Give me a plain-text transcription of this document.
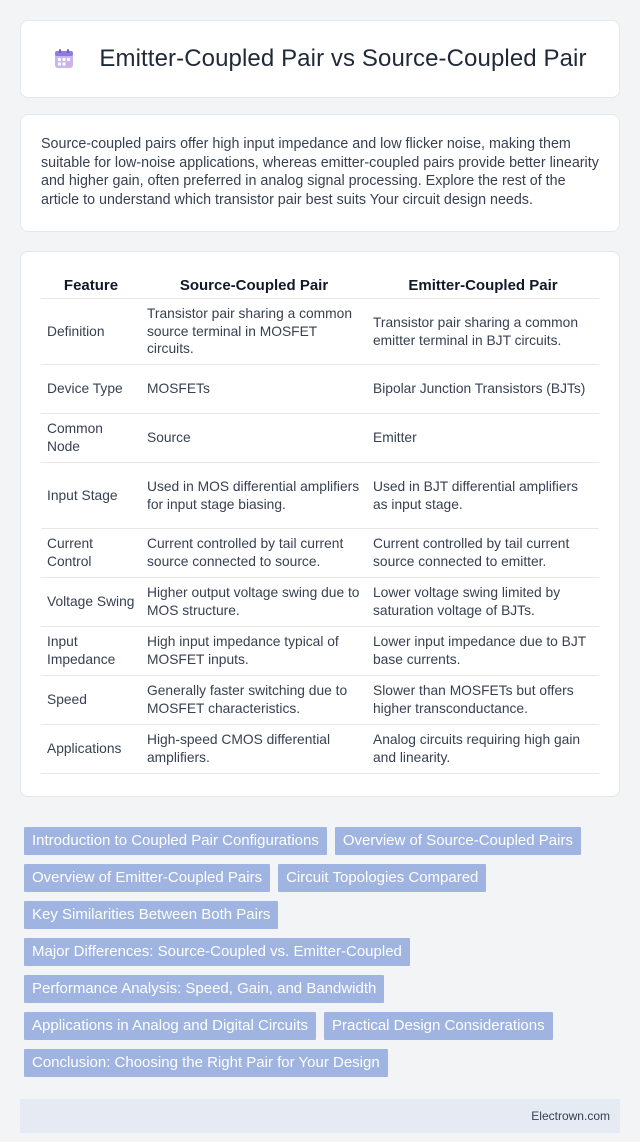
Emitter-Coupled Pair vs Source-Coupled Pair

Source-coupled pairs offer high input impedance and low flicker noise, making them suitable for low-noise applications, whereas emitter-coupled pairs provide better linearity and higher gain, often preferred in analog signal processing. Explore the rest of the article to understand which transistor pair best suits Your circuit design needs.

Feature	Source-Coupled Pair	Emitter-Coupled Pair
Definition	Transistor pair sharing a common source terminal in MOSFET circuits.	Transistor pair sharing a common emitter terminal in BJT circuits.
Device Type	MOSFETs	Bipolar Junction Transistors (BJTs)
Common Node	Source	Emitter
Input Stage	Used in MOS differential amplifiers for input stage biasing.	Used in BJT differential amplifiers as input stage.
Current Control	Current controlled by tail current source connected to source.	Current controlled by tail current source connected to emitter.
Voltage Swing	Higher output voltage swing due to MOS structure.	Lower voltage swing limited by saturation voltage of BJTs.
Input Impedance	High input impedance typical of MOSFET inputs.	Lower input impedance due to BJT base currents.
Speed	Generally faster switching due to MOSFET characteristics.	Slower than MOSFETs but offers higher transconductance.
Applications	High-speed CMOS differential amplifiers.	Analog circuits requiring high gain and linearity.
Introduction to Coupled Pair Configurations	Overview of Source-Coupled Pairs
Overview of Emitter-Coupled Pairs	Circuit Topologies Compared
Key Similarities Between Both Pairs
Major Differences: Source-Coupled vs. Emitter-Coupled
Performance Analysis: Speed, Gain, and Bandwidth
Applications in Analog and Digital Circuits	Practical Design Considerations
Conclusion: Choosing the Right Pair for Your Design
Electrown.com
